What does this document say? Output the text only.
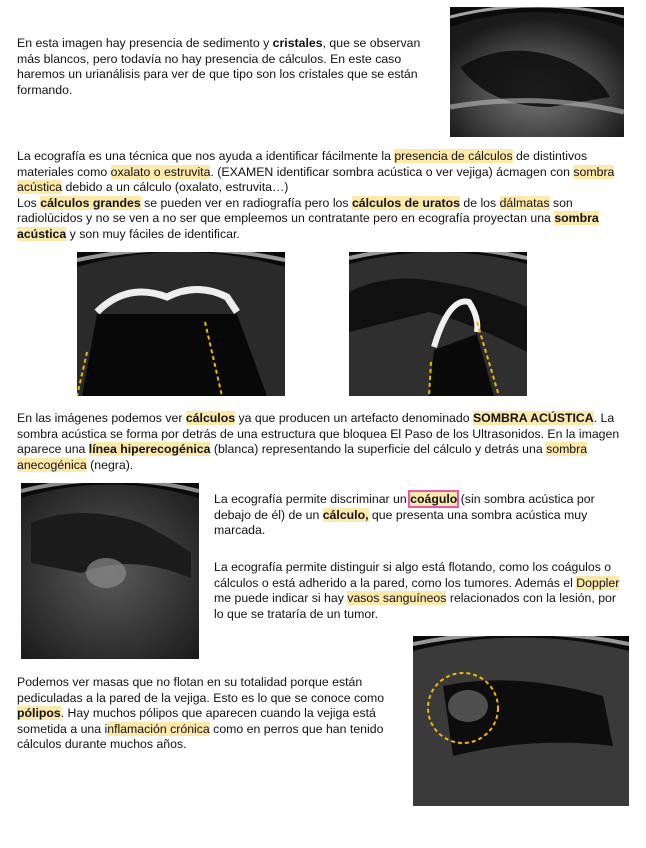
En esta imagen hay presencia de sedimento y cristales, que se observan más blancos, pero todavía no hay presencia de cálculos. En este caso haremos un urianálisis para ver de que tipo son los cristales que se están formando.
La ecografía es una técnica que nos ayuda a identificar fácilmente la presencia de cálculos de distintivos materiales como oxalato o estruvita. (EXAMEN identificar sombra acústica o ver vejiga) ácmagen con sombra acústica debido a un cálculo (oxalato, estruvita…)
Los cálculos grandes se pueden ver en radiografía pero los cálculos de uratos de los dálmatas son radiolúcidos y no se ven a no ser que empleemos un contratante pero en ecografía proyectan una sombra acústica y son muy fáciles de identificar.
En las imágenes podemos ver cálculos ya que producen un artefacto denominado SOMBRA ACÚSTICA. La sombra acústica se forma por detrás de una estructura que bloquea El Paso de los Ultrasonidos. En la imagen aparece una línea hiperecogénica (blanca) representando la superficie del cálculo y detrás una sombra anecogénica (negra).
La ecografía permite discriminar un coágulo (sin sombra acústica por debajo de él) de un cálculo, que presenta una sombra acústica muy marcada.
La ecografía permite distinguir si algo está flotando, como los coágulos o cálculos o está adherido a la pared, como los tumores. Además el Doppler me puede indicar si hay vasos sanguíneos relacionados con la lesión, por lo que se trataría de un tumor.
Podemos ver masas que no flotan en su totalidad porque están pediculadas a la pared de la vejiga. Esto es lo que se conoce como pólipos. Hay muchos pólipos que aparecen cuando la vejiga está sometida a una inflamación crónica como en perros que han tenido cálculos durante muchos años.
